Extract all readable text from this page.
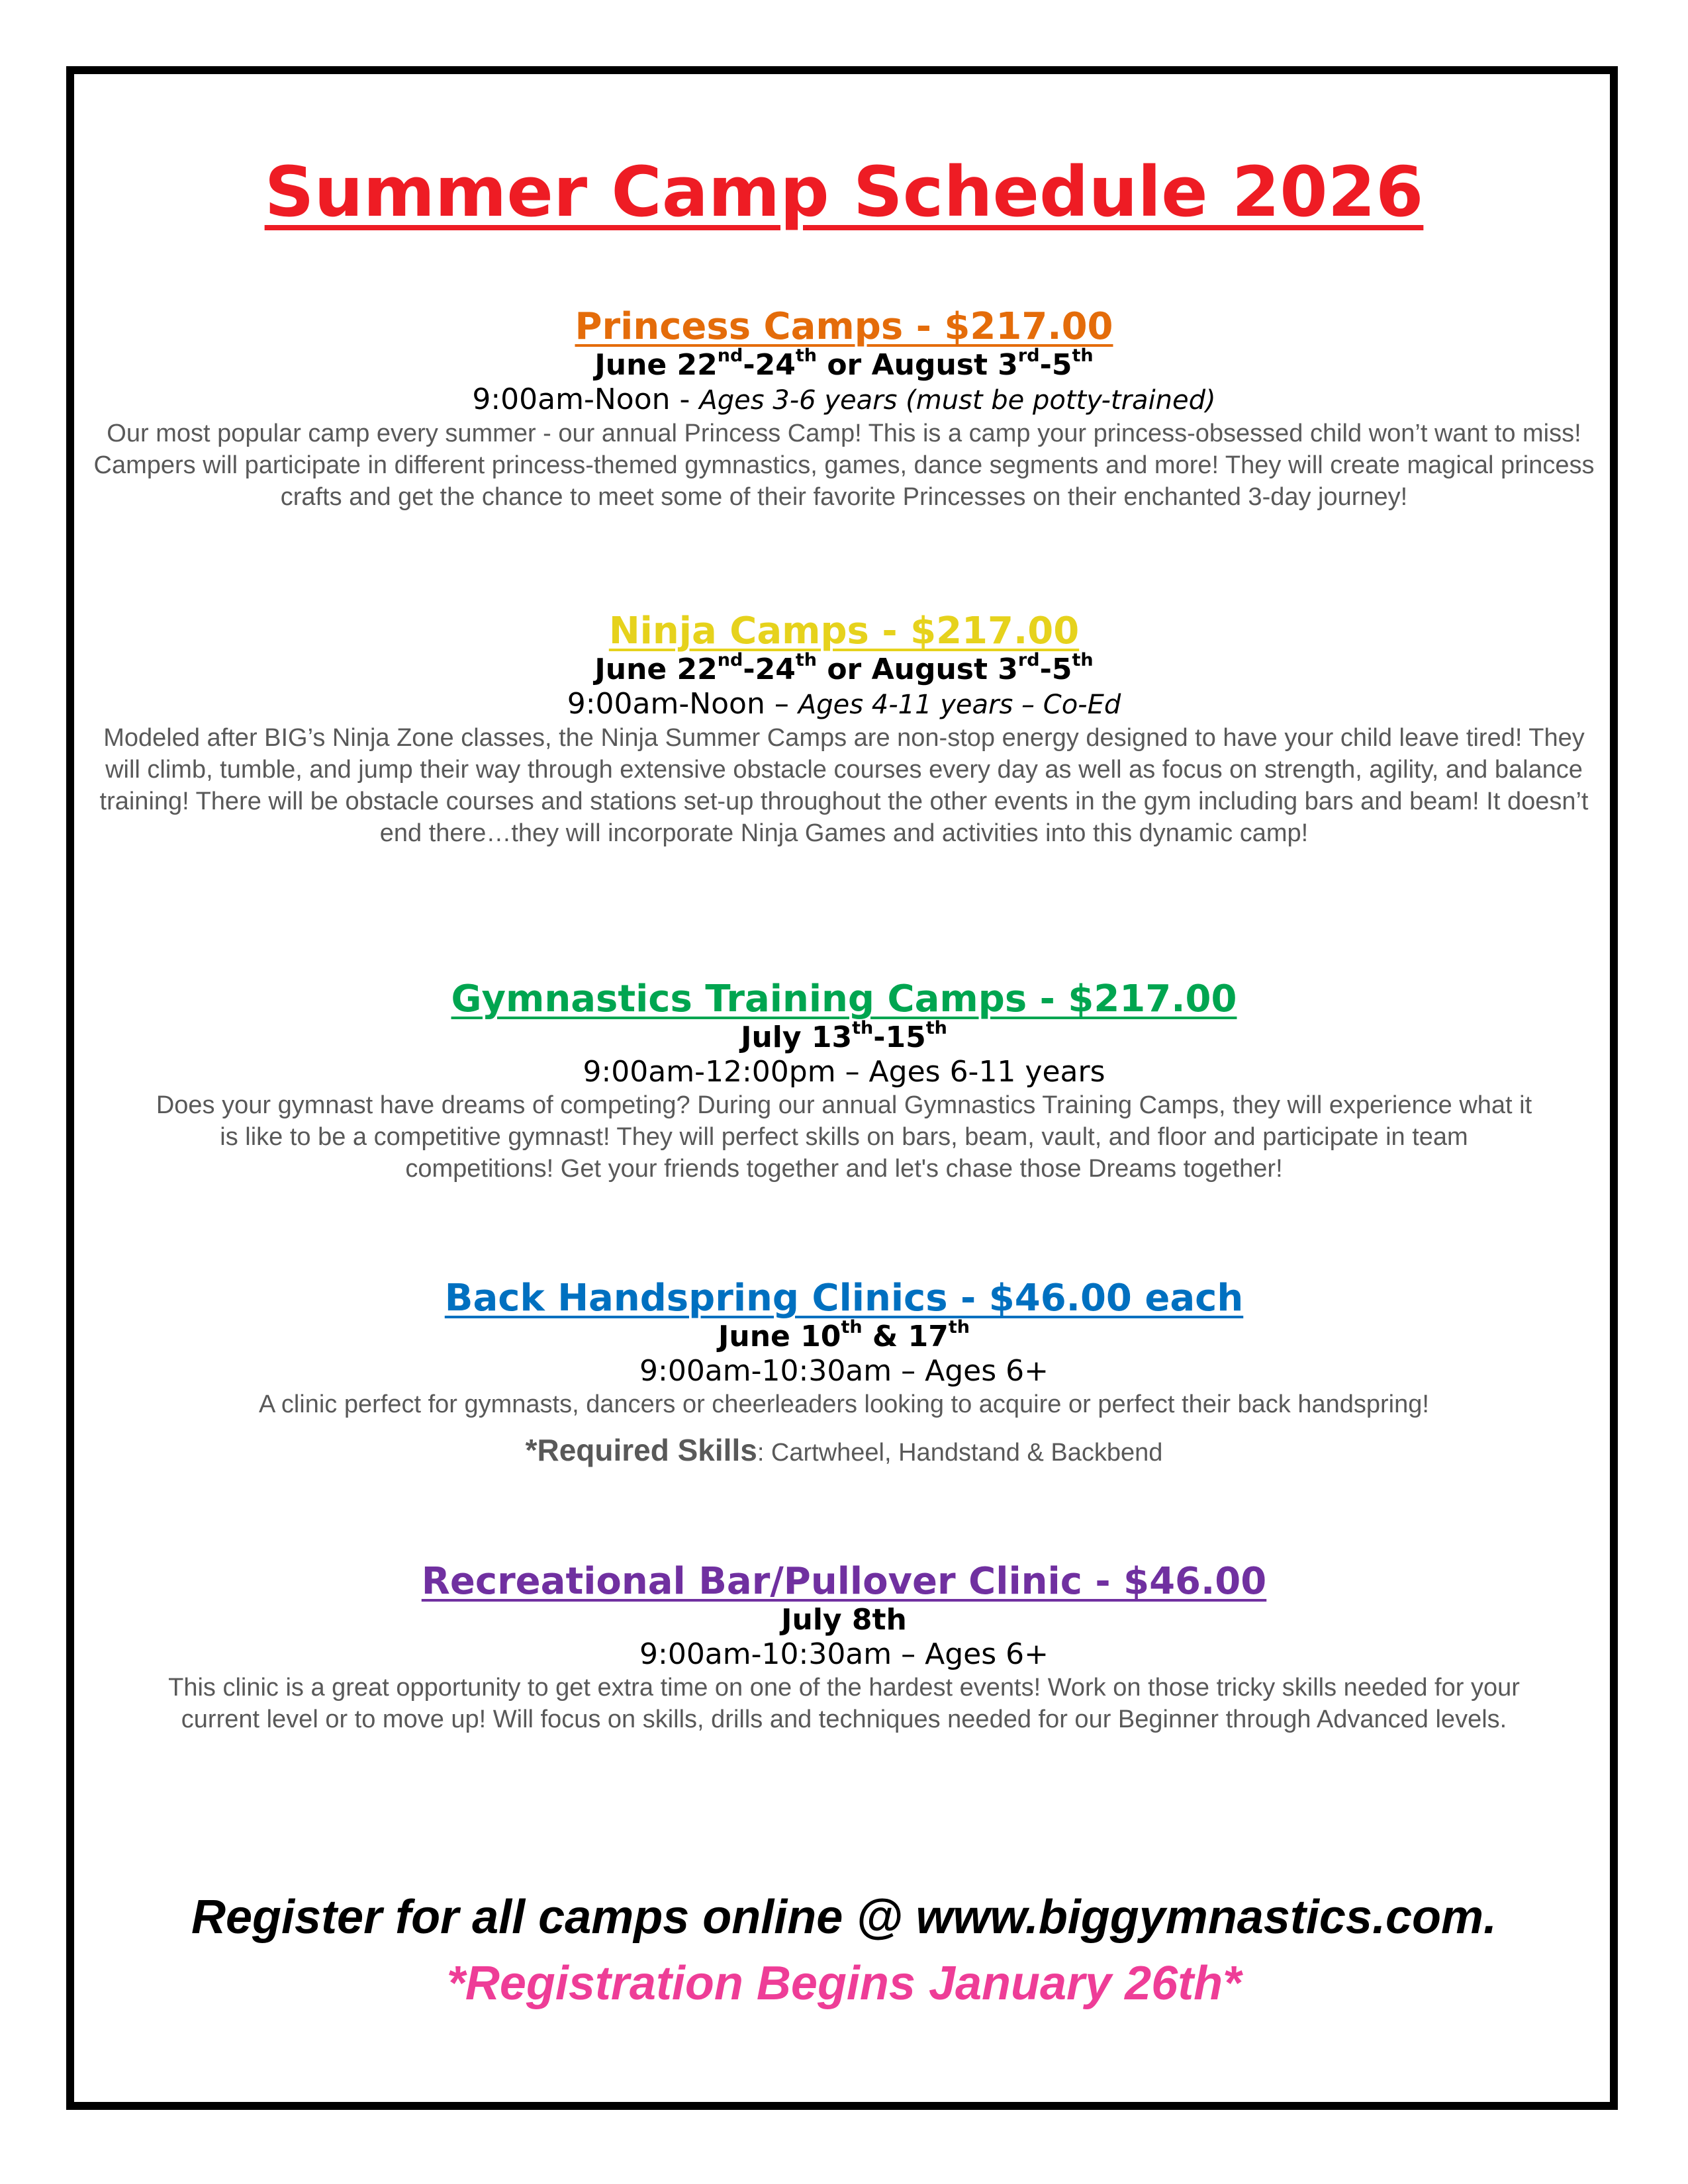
Summer Camp Schedule 2026
Princess Camps - $217.00
June 22nd-24th or August 3rd-5th
9:00am-Noon - Ages 3-6 years (must be potty-trained)
Our most popular camp every summer - our annual Princess Camp! This is a camp your princess-obsessed child won’t want to miss! Campers will participate in different princess-themed gymnastics, games, dance segments and more! They will create magical princess crafts and get the chance to meet some of their favorite Princesses on their enchanted 3-day journey!
Ninja Camps - $217.00
June 22nd-24th or August 3rd-5th
9:00am-Noon – Ages 4-11 years – Co-Ed
Modeled after BIG’s Ninja Zone classes, the Ninja Summer Camps are non-stop energy designed to have your child leave tired! They will climb, tumble, and jump their way through extensive obstacle courses every day as well as focus on strength, agility, and balance training! There will be obstacle courses and stations set-up throughout the other events in the gym including bars and beam! It doesn’t end there…they will incorporate Ninja Games and activities into this dynamic camp!
Gymnastics Training Camps - $217.00
July 13th-15th
9:00am-12:00pm – Ages 6-11 years
Does your gymnast have dreams of competing? During our annual Gymnastics Training Camps, they will experience what it is like to be a competitive gymnast! They will perfect skills on bars, beam, vault, and floor and participate in team competitions! Get your friends together and let's chase those Dreams together!
Back Handspring Clinics - $46.00 each
June 10th & 17th
9:00am-10:30am – Ages 6+
A clinic perfect for gymnasts, dancers or cheerleaders looking to acquire or perfect their back handspring!
*Required Skills: Cartwheel, Handstand & Backbend
Recreational Bar/Pullover Clinic - $46.00
July 8th
9:00am-10:30am – Ages 6+
This clinic is a great opportunity to get extra time on one of the hardest events! Work on those tricky skills needed for your current level or to move up! Will focus on skills, drills and techniques needed for our Beginner through Advanced levels.
Register for all camps online @ www.biggymnastics.com.
*Registration Begins January 26th*
